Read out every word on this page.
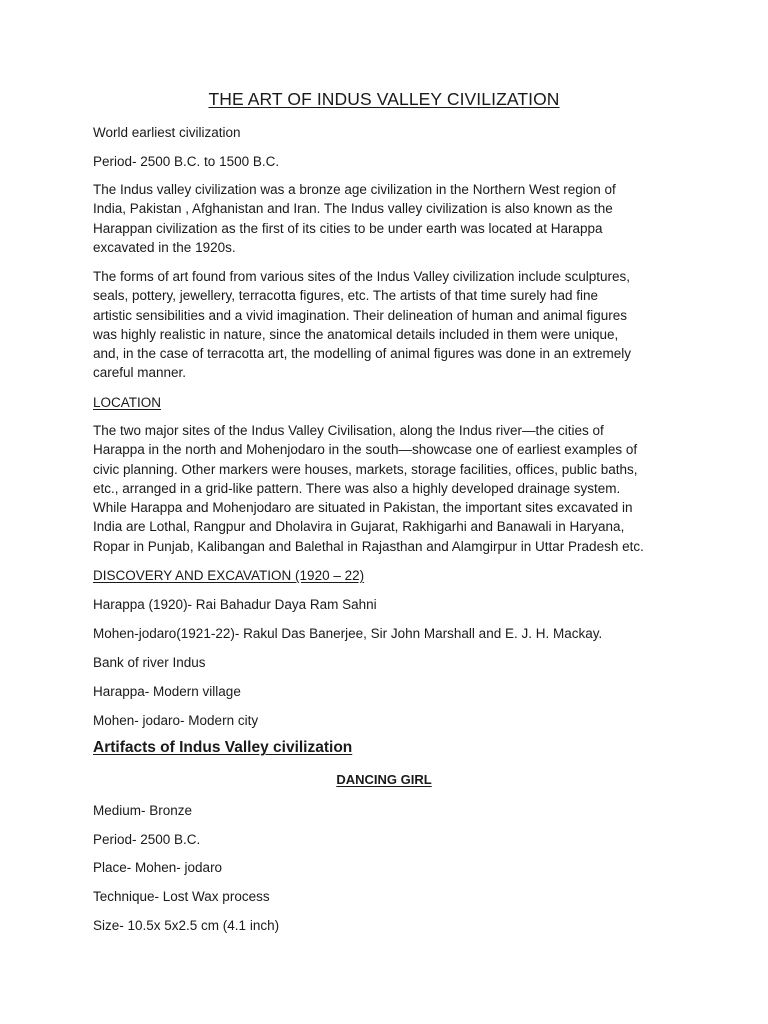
THE ART OF INDUS VALLEY CIVILIZATION
World earliest civilization
Period- 2500 B.C. to 1500 B.C.
The Indus valley civilization was a bronze age civilization in the Northern West region of
India, Pakistan , Afghanistan and Iran. The Indus valley civilization is also known as the
Harappan civilization as the first of its cities to be under earth was located at Harappa
excavated in the 1920s.
The forms of art found from various sites of the Indus Valley civilization include sculptures,
seals, pottery, jewellery, terracotta figures, etc. The artists of that time surely had fine
artistic sensibilities and a vivid imagination. Their delineation of human and animal figures
was highly realistic in nature, since the anatomical details included in them were unique,
and, in the case of terracotta art, the modelling of animal figures was done in an extremely
careful manner.
LOCATION
The two major sites of the Indus Valley Civilisation, along the Indus river—the cities of
Harappa in the north and Mohenjodaro in the south—showcase one of earliest examples of
civic planning. Other markers were houses, markets, storage facilities, offices, public baths,
etc., arranged in a grid-like pattern. There was also a highly developed drainage system.
While Harappa and Mohenjodaro are situated in Pakistan, the important sites excavated in
India are Lothal, Rangpur and Dholavira in Gujarat, Rakhigarhi and Banawali in Haryana,
Ropar in Punjab, Kalibangan and Balethal in Rajasthan and Alamgirpur in Uttar Pradesh etc.
DISCOVERY AND EXCAVATION (1920 – 22)
Harappa (1920)- Rai Bahadur Daya Ram Sahni
Mohen-jodaro(1921-22)- Rakul Das Banerjee, Sir John Marshall and E. J. H. Mackay.
Bank of river Indus
Harappa- Modern village
Mohen- jodaro- Modern city
Artifacts of Indus Valley civilization
DANCING GIRL
Medium- Bronze
Period- 2500 B.C.
Place- Mohen- jodaro
Technique- Lost Wax process
Size- 10.5x 5x2.5 cm (4.1 inch)
